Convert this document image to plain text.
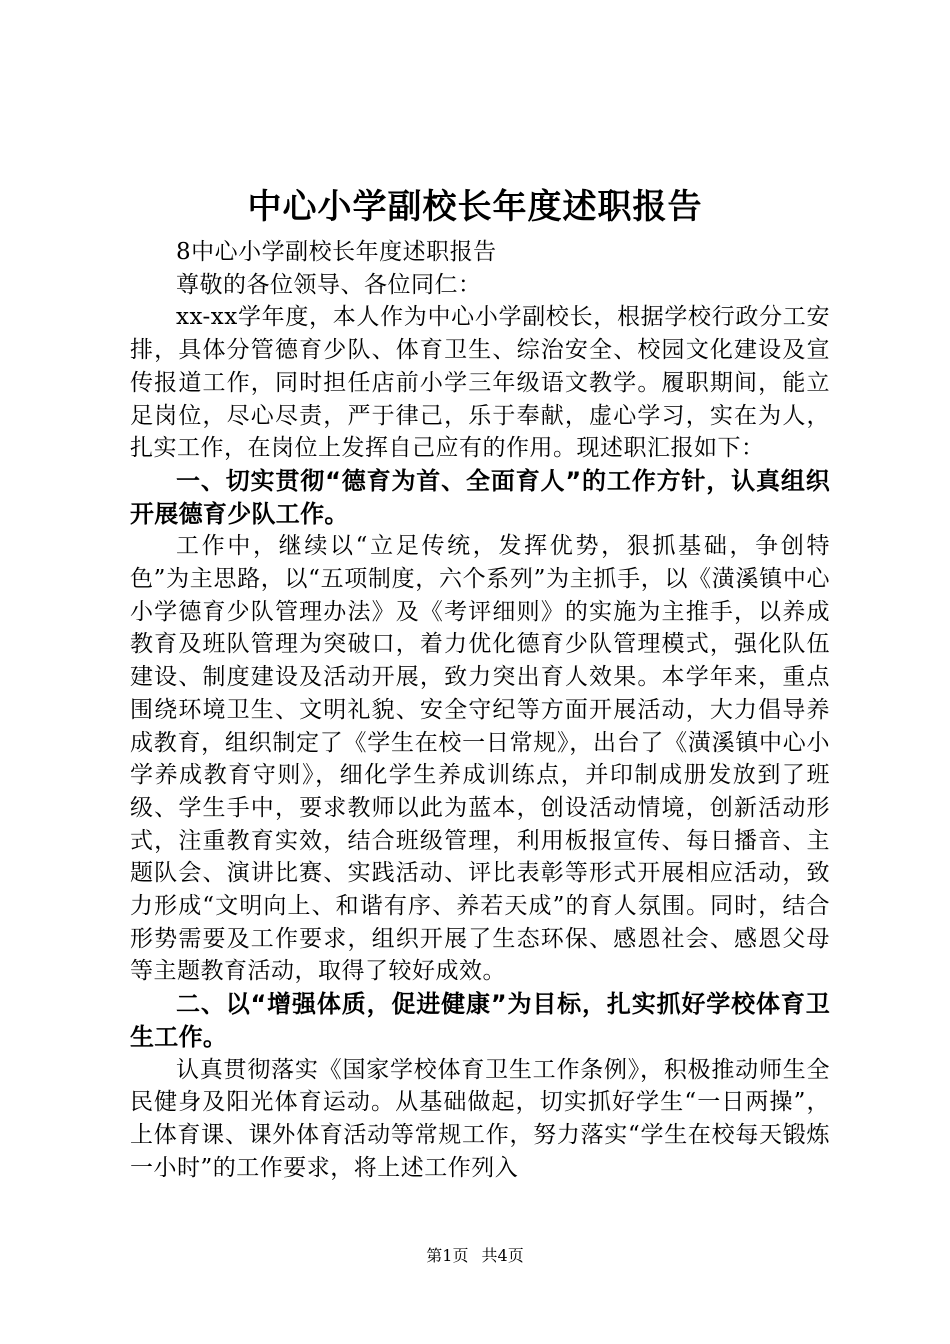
中心小学副校长年度述职报告

8中心小学副校长年度述职报告

尊敬的各位领导、各位同仁：

xx-xx学年度，本人作为中心小学副校长，根据学校行政分工安排，具体分管德育少队、体育卫生、综治安全、校园文化建设及宣传报道工作，同时担任店前小学三年级语文教学。履职期间，能立足岗位，尽心尽责，严于律己，乐于奉献，虚心学习，实在为人，扎实工作，在岗位上发挥自己应有的作用。现述职汇报如下：

一、切实贯彻“德育为首、全面育人”的工作方针，认真组织开展德育少队工作。

工作中，继续以“立足传统，发挥优势，狠抓基础，争创特色”为主思路，以“五项制度，六个系列”为主抓手，以《潢溪镇中心小学德育少队管理办法》及《考评细则》的实施为主推手，以养成教育及班队管理为突破口，着力优化德育少队管理模式，强化队伍建设、制度建设及活动开展，致力突出育人效果。本学年来，重点围绕环境卫生、文明礼貌、安全守纪等方面开展活动，大力倡导养成教育，组织制定了《学生在校一日常规》，出台了《潢溪镇中心小学养成教育守则》，细化学生养成训练点，并印制成册发放到了班级、学生手中，要求教师以此为蓝本，创设活动情境，创新活动形式，注重教育实效，结合班级管理，利用板报宣传、每日播音、主题队会、演讲比赛、实践活动、评比表彰等形式开展相应活动，致力形成“文明向上、和谐有序、养若天成”的育人氛围。同时，结合形势需要及工作要求，组织开展了生态环保、感恩社会、感恩父母等主题教育活动，取得了较好成效。

二、以“增强体质，促进健康”为目标，扎实抓好学校体育卫生工作。

认真贯彻落实《国家学校体育卫生工作条例》，积极推动师生全民健身及阳光体育运动。从基础做起，切实抓好学生“一日两操”，上体育课、课外体育活动等常规工作，努力落实“学生在校每天锻炼一小时”的工作要求，将上述工作列入

第1页 共4页
